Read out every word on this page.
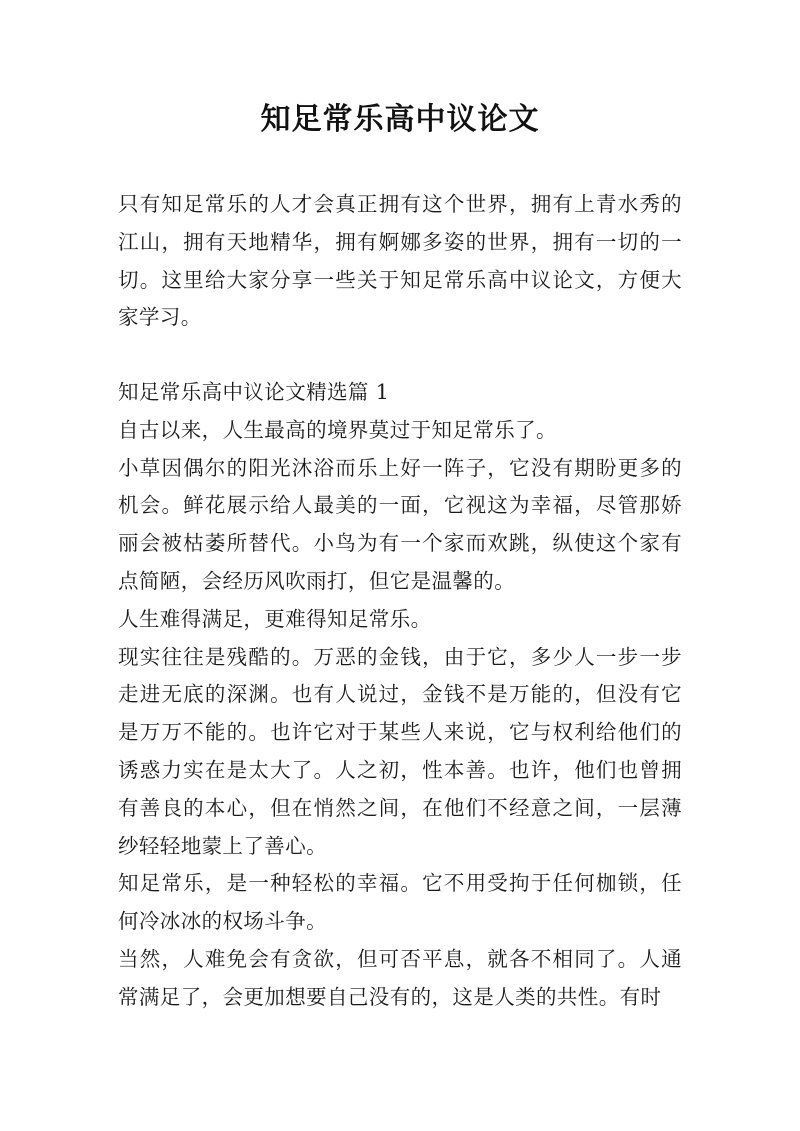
知足常乐高中议论文

只有知足常乐的人才会真正拥有这个世界，拥有上青水秀的江山，拥有天地精华，拥有婀娜多姿的世界，拥有一切的一切。这里给大家分享一些关于知足常乐高中议论文，方便大家学习。

知足常乐高中议论文精选篇 1

自古以来，人生最高的境界莫过于知足常乐了。

小草因偶尔的阳光沐浴而乐上好一阵子，它没有期盼更多的机会。鲜花展示给人最美的一面，它视这为幸福，尽管那娇丽会被枯萎所替代。小鸟为有一个家而欢跳，纵使这个家有点简陋，会经历风吹雨打，但它是温馨的。

人生难得满足，更难得知足常乐。

现实往往是残酷的。万恶的金钱，由于它，多少人一步一步走进无底的深渊。也有人说过，金钱不是万能的，但没有它是万万不能的。也许它对于某些人来说，它与权利给他们的诱惑力实在是太大了。人之初，性本善。也许，他们也曾拥有善良的本心，但在悄然之间，在他们不经意之间，一层薄纱轻轻地蒙上了善心。

知足常乐，是一种轻松的幸福。它不用受拘于任何枷锁，任何冷冰冰的权场斗争。

当然，人难免会有贪欲，但可否平息，就各不相同了。人通常满足了，会更加想要自己没有的，这是人类的共性。有时
